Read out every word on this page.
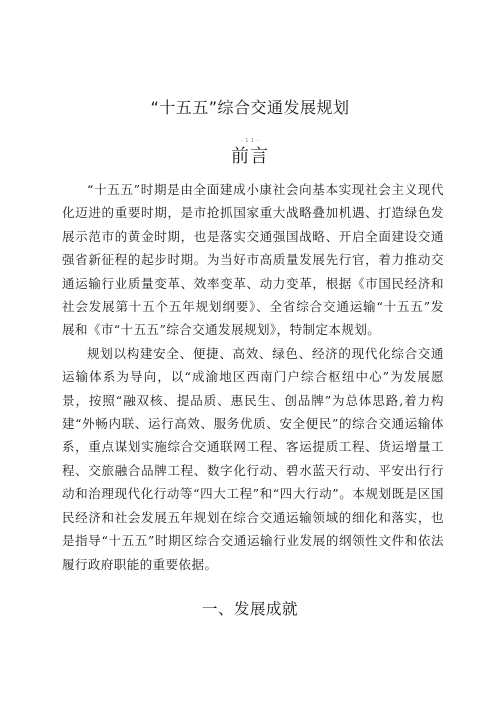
“十五五”综合交通发展规划
- 1 1 -
前言

“十五五”时期是由全面建成小康社会向基本实现社会主义现代化迈进的重要时期，是市抢抓国家重大战略叠加机遇、打造绿色发展示范市的黄金时期，也是落实交通强国战略、开启全面建设交通强省新征程的起步时期。为当好市高质量发展先行官，着力推动交通运输行业质量变革、效率变革、动力变革，根据《市国民经济和社会发展第十五个五年规划纲要》、全省综合交通运输“十五五”发展和《市“十五五”综合交通发展规划》，特制定本规划。

规划以构建安全、便捷、高效、绿色、经济的现代化综合交通运输体系为导向，以“成渝地区西南门户综合枢纽中心”为发展愿景，按照“融双核、提品质、惠民生、创品牌”为总体思路,着力构建“外畅内联、运行高效、服务优质、安全便民”的综合交通运输体系，重点谋划实施综合交通联网工程、客运提质工程、货运增量工程、交旅融合品牌工程、数字化行动、碧水蓝天行动、平安出行行动和治理现代化行动等“四大工程”和“四大行动”。本规划既是区国民经济和社会发展五年规划在综合交通运输领域的细化和落实，也是指导“十五五”时期区综合交通运输行业发展的纲领性文件和依法履行政府职能的重要依据。

一、发展成就
